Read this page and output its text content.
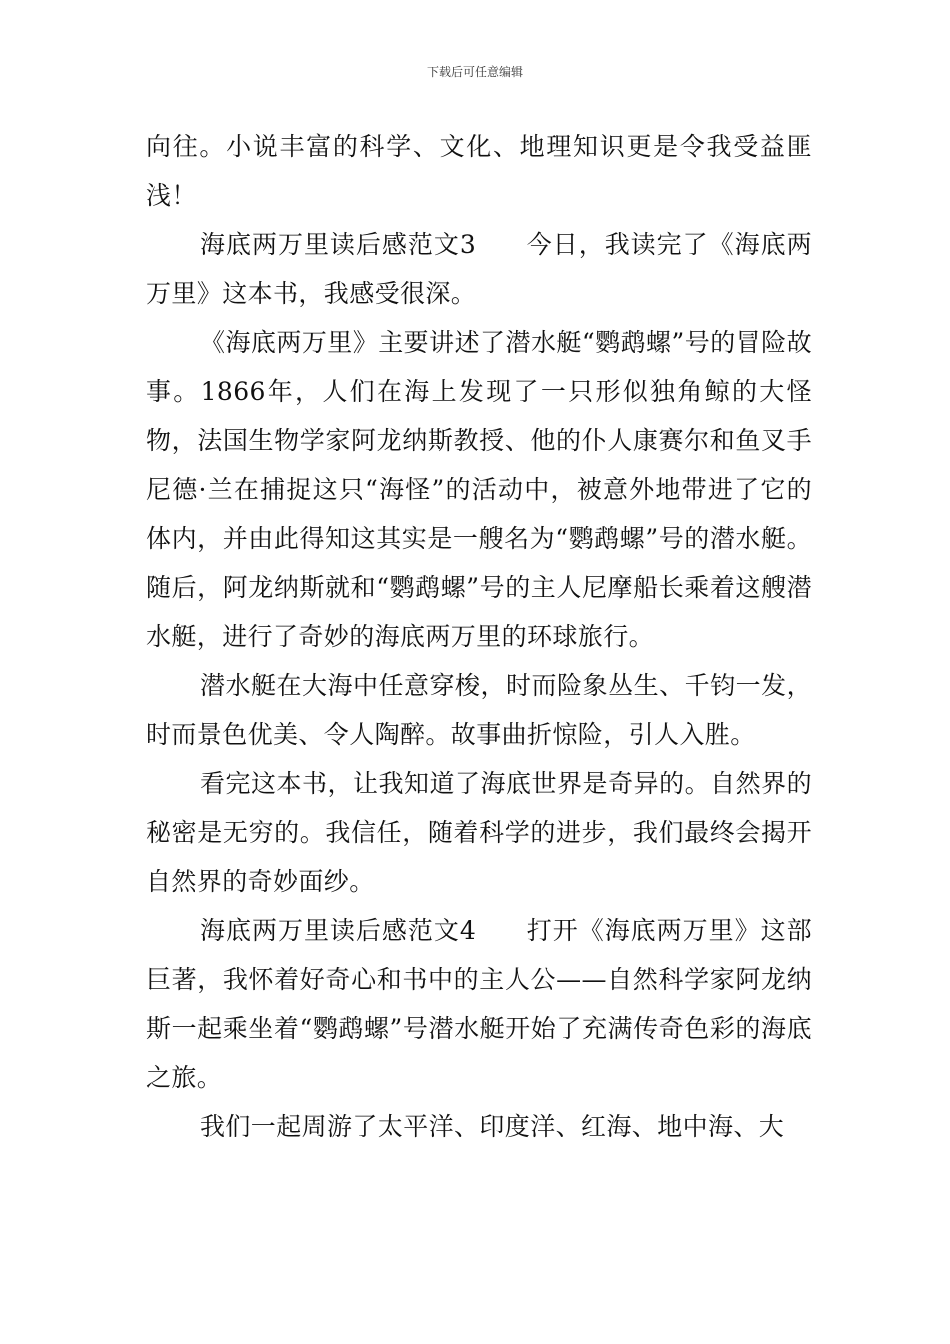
下载后可任意编辑

向往。小说丰富的科学、文化、地理知识更是令我受益匪浅！

海底两万里读后感范文3 今日，我读完了《海底两万里》这本书，我感受很深。

《海底两万里》主要讲述了潜水艇“鹦鹉螺”号的冒险故事。1866年，人们在海上发现了一只形似独角鲸的大怪物，法国生物学家阿龙纳斯教授、他的仆人康赛尔和鱼叉手尼德·兰在捕捉这只“海怪”的活动中，被意外地带进了它的体内，并由此得知这其实是一艘名为“鹦鹉螺”号的潜水艇。随后，阿龙纳斯就和“鹦鹉螺”号的主人尼摩船长乘着这艘潜水艇，进行了奇妙的海底两万里的环球旅行。

潜水艇在大海中任意穿梭，时而险象丛生、千钧一发，时而景色优美、令人陶醉。故事曲折惊险，引人入胜。

看完这本书，让我知道了海底世界是奇异的。自然界的秘密是无穷的。我信任，随着科学的进步，我们最终会揭开自然界的奇妙面纱。

海底两万里读后感范文4 打开《海底两万里》这部巨著，我怀着好奇心和书中的主人公——自然科学家阿龙纳斯一起乘坐着“鹦鹉螺”号潜水艇开始了充满传奇色彩的海底之旅。

我们一起周游了太平洋、印度洋、红海、地中海、大
